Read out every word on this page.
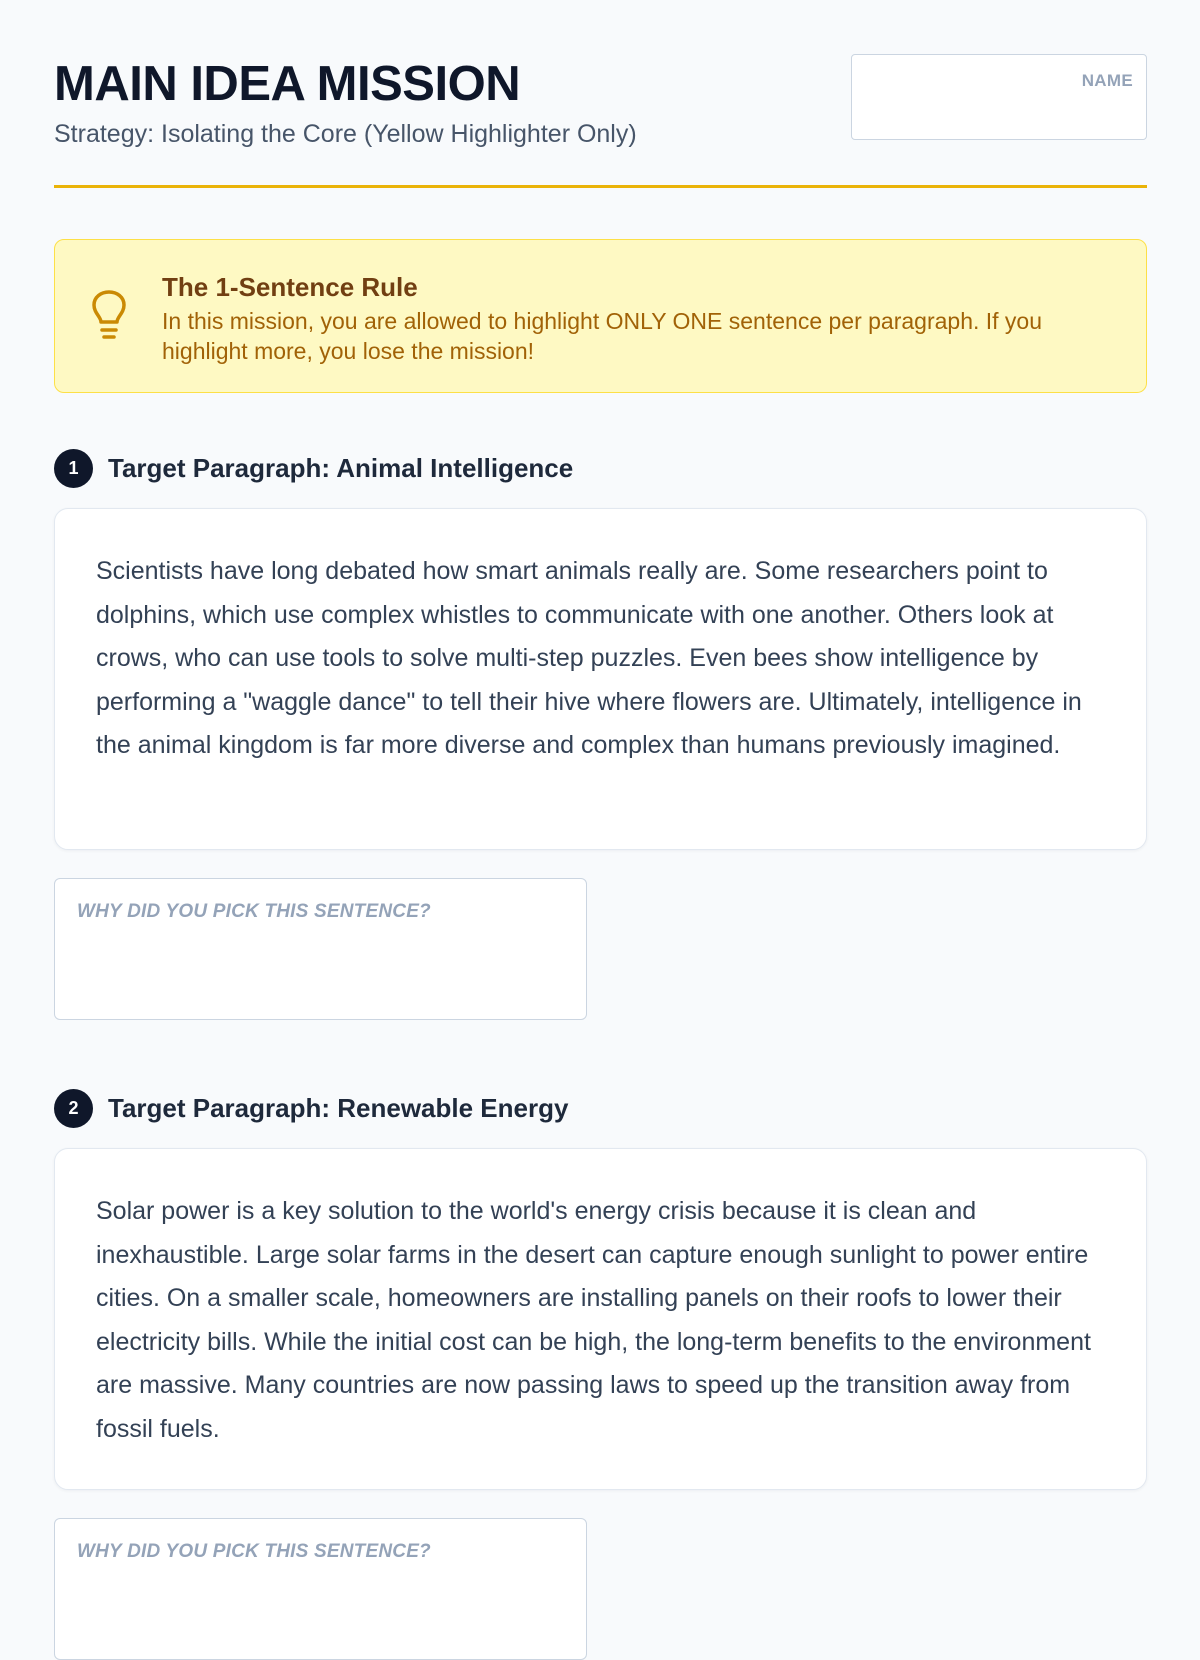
MAIN IDEA MISSION
Strategy: Isolating the Core (Yellow Highlighter Only)
NAME
The 1-Sentence Rule
In this mission, you are allowed to highlight ONLY ONE sentence per paragraph. If you highlight more, you lose the mission!
1	Target Paragraph: Animal Intelligence

Scientists have long debated how smart animals really are. Some researchers point to dolphins, which use complex whistles to communicate with one another. Others look at crows, who can use tools to solve multi-step puzzles. Even bees show intelligence by performing a "waggle dance" to tell their hive where flowers are. Ultimately, intelligence in the animal kingdom is far more diverse and complex than humans previously imagined.

WHY DID YOU PICK THIS SENTENCE?
2	Target Paragraph: Renewable Energy

Solar power is a key solution to the world's energy crisis because it is clean and inexhaustible. Large solar farms in the desert can capture enough sunlight to power entire cities. On a smaller scale, homeowners are installing panels on their roofs to lower their electricity bills. While the initial cost can be high, the long-term benefits to the environment are massive. Many countries are now passing laws to speed up the transition away from fossil fuels.

WHY DID YOU PICK THIS SENTENCE?
